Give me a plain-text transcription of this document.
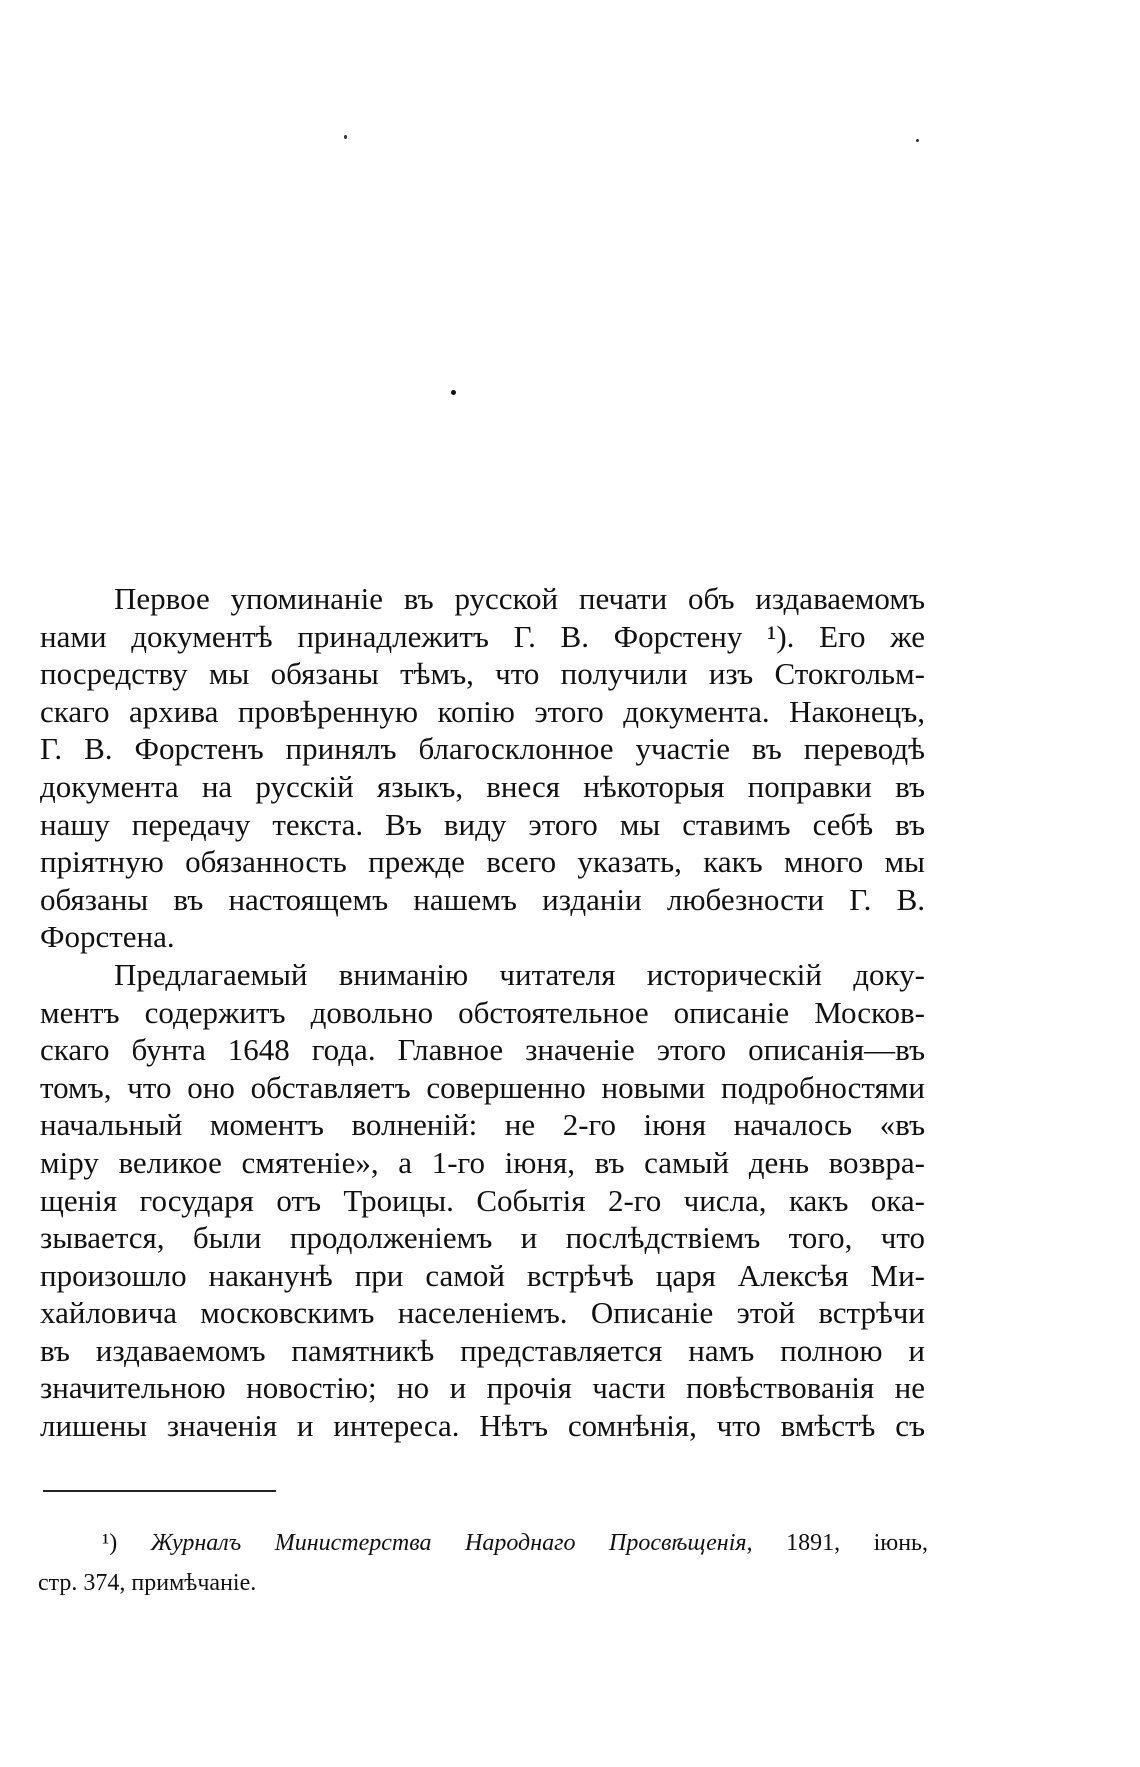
Первое упоминаніе въ русской печати объ издаваемомъ
нами документѣ принадлежитъ Г. В. Форстену ¹). Его же
посредству мы обязаны тѣмъ, что получили изъ Стокгольм-
скаго архива провѣренную копію этого документа. Наконецъ,
Г. В. Форстенъ принялъ благосклонное участіе въ переводѣ
документа на русскій языкъ, внеся нѣкоторыя поправки въ
нашу передачу текста. Въ виду этого мы ставимъ себѣ въ
пріятную обязанность прежде всего указать, какъ много мы
обязаны въ настоящемъ нашемъ изданіи любезности Г. В.
Форстена.
Предлагаемый вниманію читателя историческій доку-
ментъ содержитъ довольно обстоятельное описаніе Москов-
скаго бунта 1648 года. Главное значеніе этого описанія—въ
томъ, что оно обставляетъ совершенно новыми подробностями
начальный моментъ волненій: не 2-го іюня началось «въ
міру великое смятеніе», а 1-го іюня, въ самый день возвра-
щенія государя отъ Троицы. Событія 2-го числа, какъ ока-
зывается, были продолженіемъ и послѣдствіемъ того, что
произошло наканунѣ при самой встрѣчѣ царя Алексѣя Ми-
хайловича московскимъ населеніемъ. Описаніе этой встрѣчи
въ издаваемомъ памятникѣ представляется намъ полною и
значительною новостію; но и прочія части повѣствованія не
лишены значенія и интереса. Нѣтъ сомнѣнія, что вмѣстѣ съ
¹) Журналъ Министерства Народнаго Просвѣщенія, 1891, іюнь,
стр. 374, примѣчаніе.
